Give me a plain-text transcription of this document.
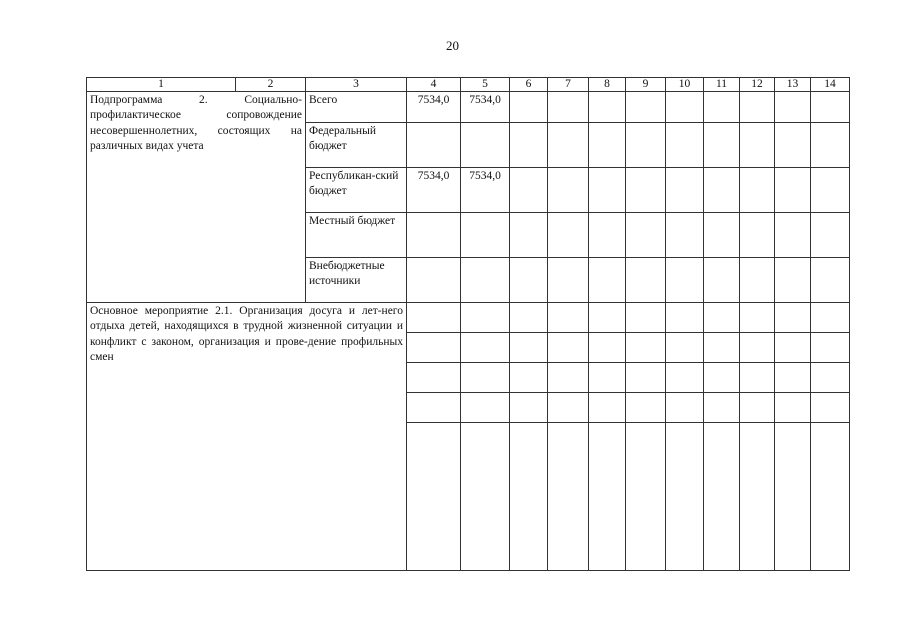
20
1	2	3	4	5	6	7	8	9	10	11	12	13	14
Подпрограмма 2. Социально-профилактическое сопровождение несовершеннолетних, состоящих на различных видах учета		Всего	7534,0	7534,0									
		Федеральный бюджет											
		Республикан-ский бюджет	7534,0	7534,0									
		Местный бюджет											
		Внебюджетные источники											
Основное мероприятие 2.1. Организация досуга и лет-него отдыха детей, находящихся в трудной жизненной ситуации и конфликт с законом, организация и прове-дение профильных смен													
